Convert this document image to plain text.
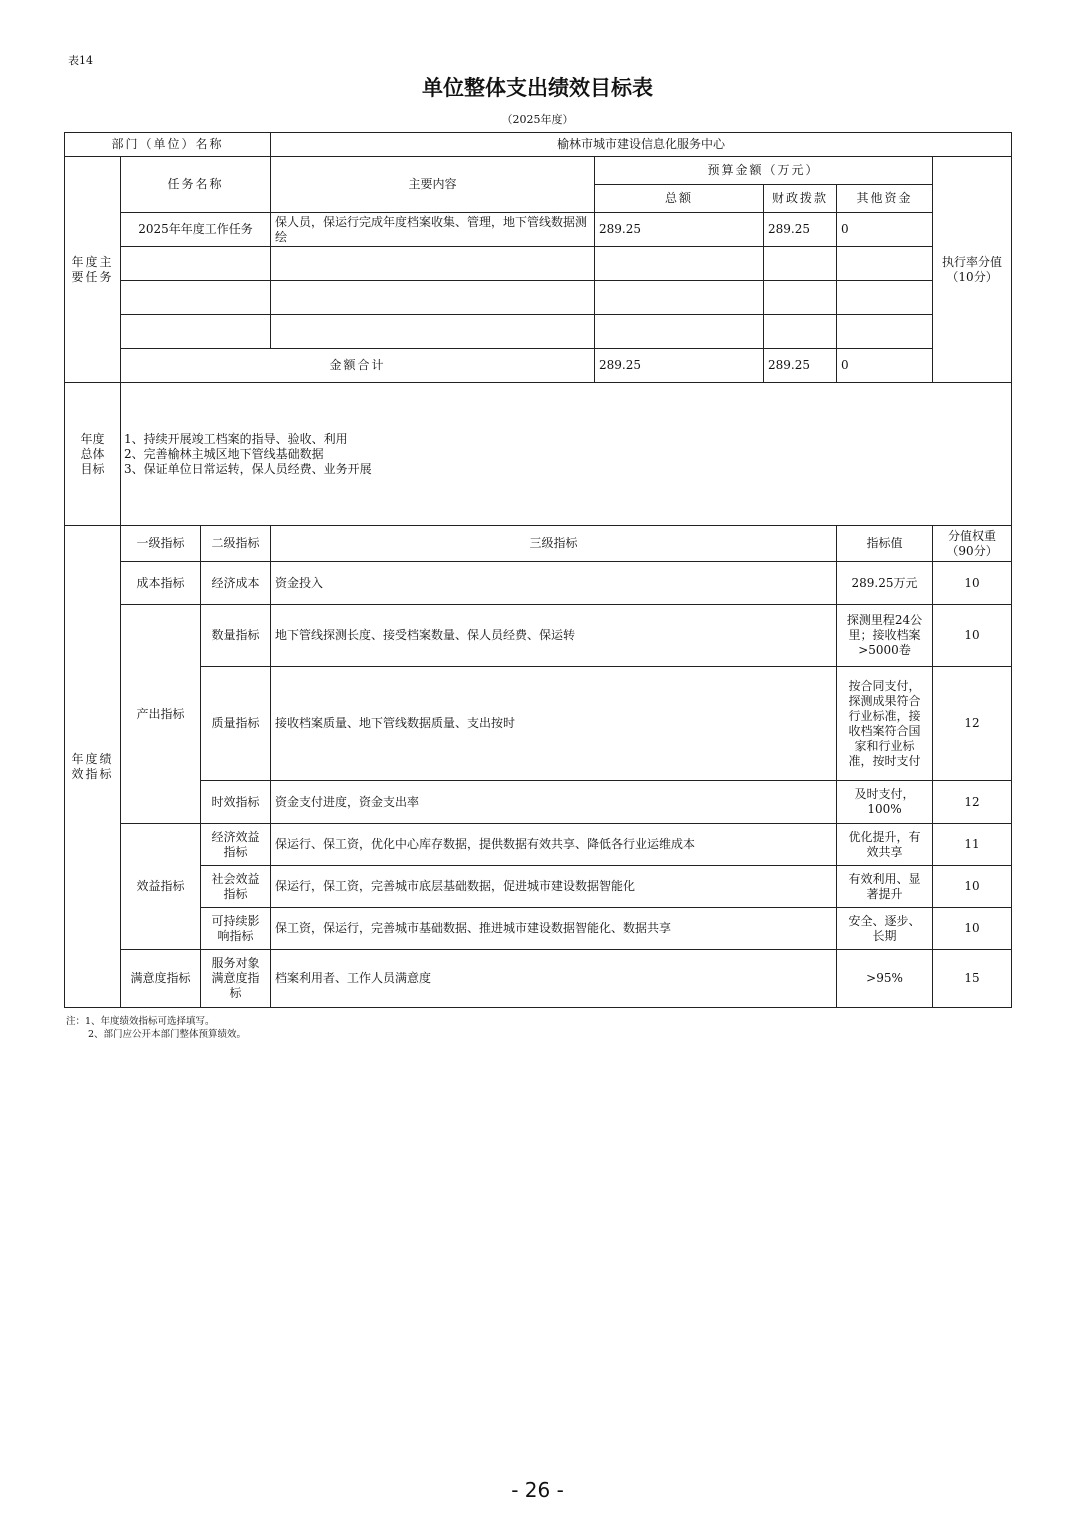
表14
单位整体支出绩效目标表
（2025年度）
部门（单位）名称			榆林市城市建设信息化服务中心				
年度主要任务	任务名称		主要内容	预算金额（万元）			执行率分值（10分）
				总额	财政拨款	其他资金	
	2025年年度工作任务		保人员，保运行完成年度档案收集、管理，地下管线数据测绘	289.25	289.25	0	

	金额合计			289.25	289.25	0	
年度总体目标	1、持续开展竣工档案的指导、验收、利用
2、完善榆林主城区地下管线基础数据
3、保证单位日常运转，保人员经费、业务开展						

年度绩效指标	一级指标	二级指标	三级指标			指标值	分值权重（90分）
	成本指标	经济成本	资金投入			289.25万元	10
	产出指标	数量指标	地下管线探测长度、接受档案数量、保人员经费、保运转			探测里程24公里；接收档案>5000卷	10
		质量指标	接收档案质量、地下管线数据质量、支出按时			按合同支付，探测成果符合行业标准，接收档案符合国家和行业标准，按时支付	12
		时效指标	资金支付进度，资金支出率			及时支付，100%	12
	效益指标	经济效益指标	保运行、保工资，优化中心库存数据，提供数据有效共享、降低各行业运维成本			优化提升，有效共享	11
		社会效益指标	保运行，保工资，完善城市底层基础数据，促进城市建设数据智能化			有效利用、显著提升	10
		可持续影响指标	保工资，保运行，完善城市基础数据、推进城市建设数据智能化、数据共享			安全、逐步、长期	10
	满意度指标	服务对象满意度指标	档案利用者、工作人员满意度			>95%	15
注：1、年度绩效指标可选择填写。
2、部门应公开本部门整体预算绩效。
- 26 -
